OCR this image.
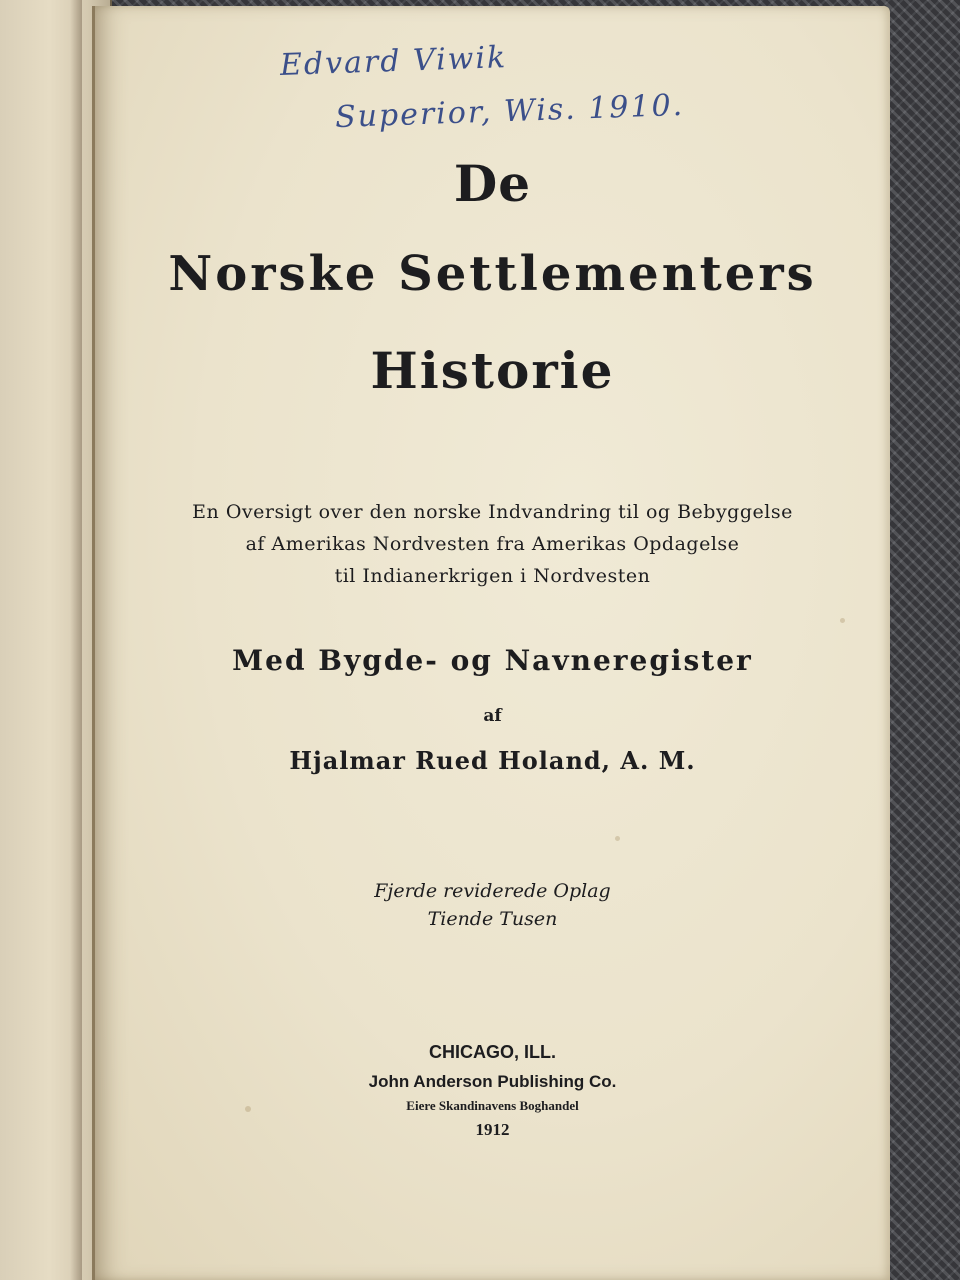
Edvard Viwik
Superior, Wis. 1910.
De
Norske Settlementers
Historie
En Oversigt over den norske Indvandring til og Bebyggelse
af Amerikas Nordvesten fra Amerikas Opdagelse
til Indianerkrigen i Nordvesten
Med Bygde- og Navneregister
af
Hjalmar Rued Holand, A. M.
Fjerde reviderede Oplag
Tiende Tusen
CHICAGO, ILL.
John Anderson Publishing Co.
Eiere Skandinavens Boghandel
1912
